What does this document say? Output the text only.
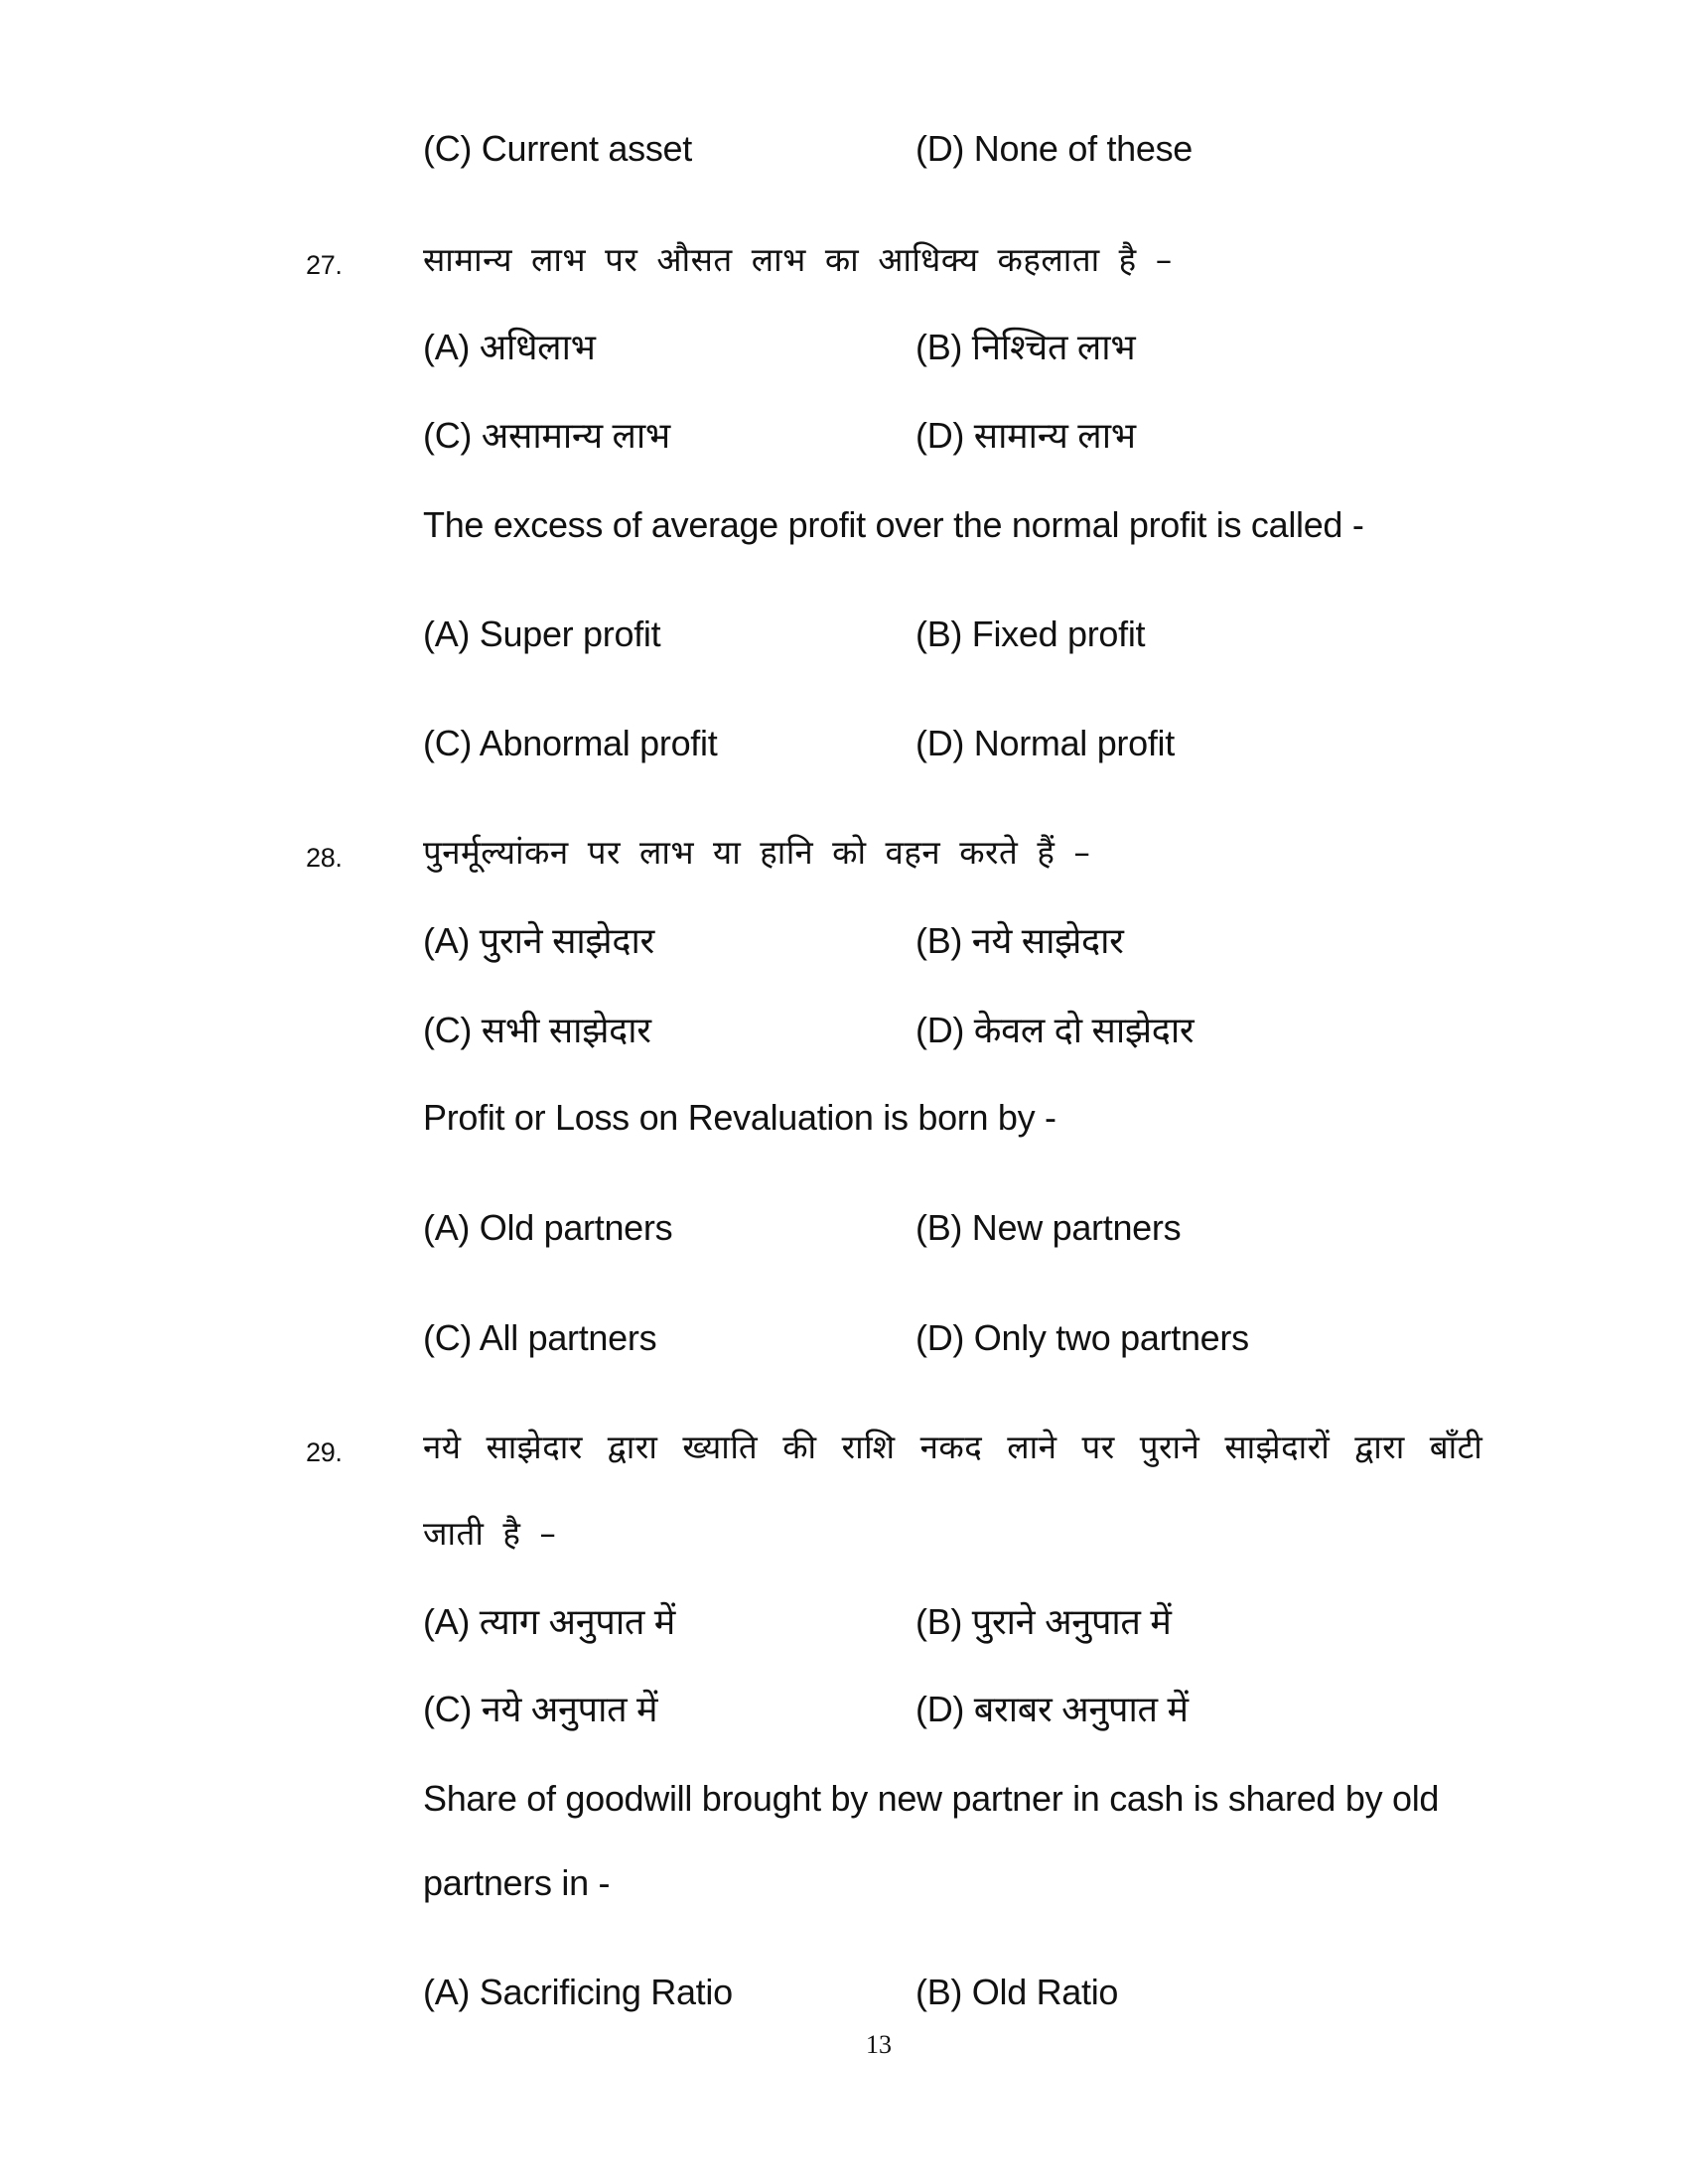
(C) Current asset	(D) None of these
27. सामान्य लाभ पर औसत लाभ का आधिक्य कहलाता है –
(A) अधिलाभ	(B) निश्चित लाभ
(C) असामान्य लाभ	(D) सामान्य लाभ
The excess of average profit over the normal profit is called -
(A) Super profit	(B) Fixed profit
(C) Abnormal profit	(D) Normal profit
28. पुनर्मूल्यांकन पर लाभ या हानि को वहन करते हैं –
(A) पुराने साझेदार	(B) नये साझेदार
(C) सभी साझेदार	(D) केवल दो साझेदार
Profit or Loss on Revaluation is born by -
(A) Old partners	(B) New partners
(C) All partners	(D) Only two partners
29. नये साझेदार द्वारा ख्याति की राशि नकद लाने पर पुराने साझेदारों द्वारा बाँटी
जाती है –
(A) त्याग अनुपात में	(B) पुराने अनुपात में
(C) नये अनुपात में	(D) बराबर अनुपात में
Share of goodwill brought by new partner in cash is shared by old
partners in -
(A) Sacrificing Ratio	(B) Old Ratio
13
